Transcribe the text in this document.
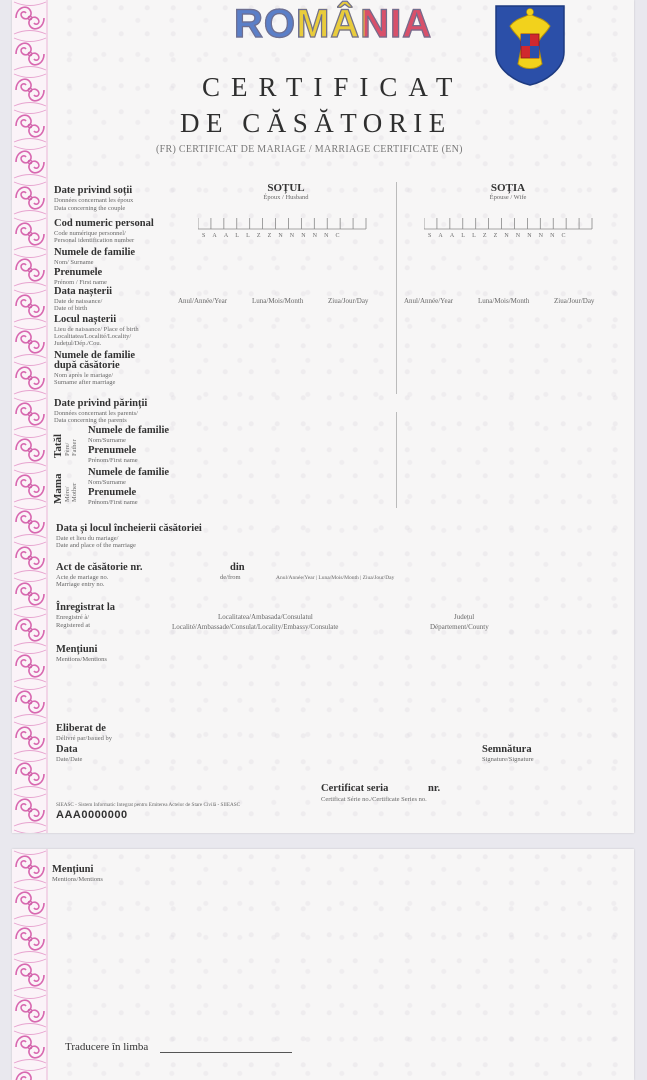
ROMÂNIA
CERTIFICAT
DE CĂSĂTORIE
(FR) CERTIFICAT DE MARIAGE / MARRIAGE CERTIFICATE (EN)
Date privind soții
Données concernant les époux
Data concerning the couple
SOȚUL
Époux / Husband
SOȚIA
Épouse / Wife
Cod numeric personal
Code numérique personnel/
Personal identification number
SAALLZZNNNNNC	SAALLZZNNNNNC
Numele de familie
Nom/ Surname
Prenumele
Prénom / First name
Data nașterii
Date de naissance/
Date of birth
Anul/Année/Year	Luna/Mois/Month	Ziua/Jour/Day	Anul/Année/Year	Luna/Mois/Month	Ziua/Jour/Day
Locul nașterii
Lieu de naissance/ Place of birth
Localitatea/Localité/Locality/
Județul/Dép./Cou.
Numele de familie
după căsătorie
Nom après le mariage/
Surname after marriage
Date privind părinții
Données concernant les parents/
Data concerning the parents
Tatăl Père/ Father
Numele de familie
Nom/Surname
Prenumele
Prénom/First name
Mama Mère/ Mother
Numele de familie
Nom/Surname
Prenumele
Prénom/First name
Data și locul încheierii căsătoriei
Date et lieu du mariage/
Date and place of the marriage
Act de căsătorie nr.
Acte de mariage no.
Marriage entry no.
din
de/from	Anul/Année/Year | Luna/Mois/Month | Ziua/Jour/Day
Înregistrat la
Enregistré à/
Registered at
Localitatea/Ambasada/Consulatul
Localité/Ambassade/Consulat/Locality/Embassy/Consulate
Județul
Département/County
Mențiuni
Mentions/Mentions
Eliberat de
Délivré par/Issued by
Data
Date/Date
Semnătura
Signature/Signature
Certificat seria	nr.
Certificat Série no./Certificate Series no.
SIEASC - Sistem Informatic Integrat pentru Emiterea Actelor de Stare Civilă - SIIEASC
AAA0000000
Mențiuni
Mentions/Mentions
Traducere în limba
